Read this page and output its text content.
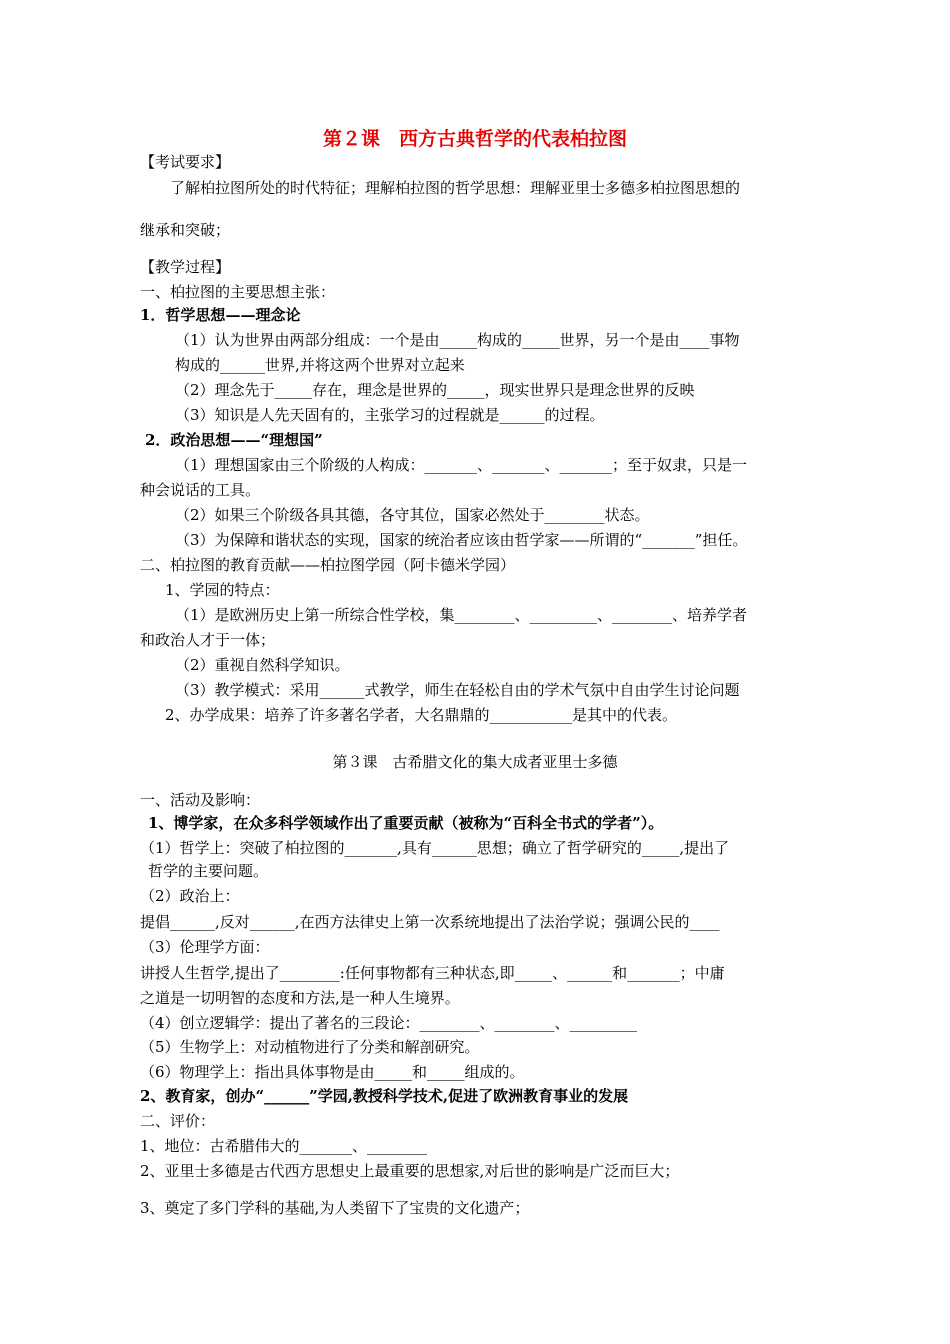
第２课　西方古典哲学的代表柏拉图
【考试要求】
了解柏拉图所处的时代特征；理解柏拉图的哲学思想：理解亚里士多德多柏拉图思想的
继承和突破；
【教学过程】
一、柏拉图的主要思想主张：
1．哲学思想——理念论
（1）认为世界由两部分组成：一个是由_____构成的_____世界，另一个是由____事物
构成的______世界,并将这两个世界对立起来
（2）理念先于_____存在，理念是世界的_____，现实世界只是理念世界的反映
（3）知识是人先天固有的，主张学习的过程就是______的过程。
2．政治思想——“理想国”
（1）理想国家由三个阶级的人构成：_______、_______、_______；至于奴隶，只是一
种会说话的工具。
（2）如果三个阶级各具其德，各守其位，国家必然处于________状态。
（3）为保障和谐状态的实现，国家的统治者应该由哲学家——所谓的“_______”担任。
二、柏拉图的教育贡献——柏拉图学园（阿卡德米学园）
1、学园的特点：
（1）是欧洲历史上第一所综合性学校，集________、_________、________、培养学者
和政治人才于一体；
（2）重视自然科学知识。
（3）教学模式：采用______式教学，师生在轻松自由的学术气氛中自由学生讨论问题
2、办学成果：培养了许多著名学者，大名鼎鼎的___________是其中的代表。
第３课　古希腊文化的集大成者亚里士多德
一、活动及影响：
1、博学家，在众多科学领域作出了重要贡献（被称为“百科全书式的学者”）。
（1）哲学上：突破了柏拉图的_______,具有______思想；确立了哲学研究的_____,提出了
哲学的主要问题。
（2）政治上：
提倡______,反对______,在西方法律史上第一次系统地提出了法治学说；强调公民的____
（3）伦理学方面：
讲授人生哲学,提出了________:任何事物都有三种状态,即_____、______和_______；中庸
之道是一切明智的态度和方法,是一种人生境界。
（4）创立逻辑学：提出了著名的三段论：________、________、_________
（5）生物学上：对动植物进行了分类和解剖研究。
（6）物理学上：指出具体事物是由_____和_____组成的。
2、教育家，创办“______”学园,教授科学技术,促进了欧洲教育事业的发展
二、评价：
1、地位：古希腊伟大的_______、________
2、亚里士多德是古代西方思想史上最重要的思想家,对后世的影响是广泛而巨大；
3、奠定了多门学科的基础,为人类留下了宝贵的文化遗产；
